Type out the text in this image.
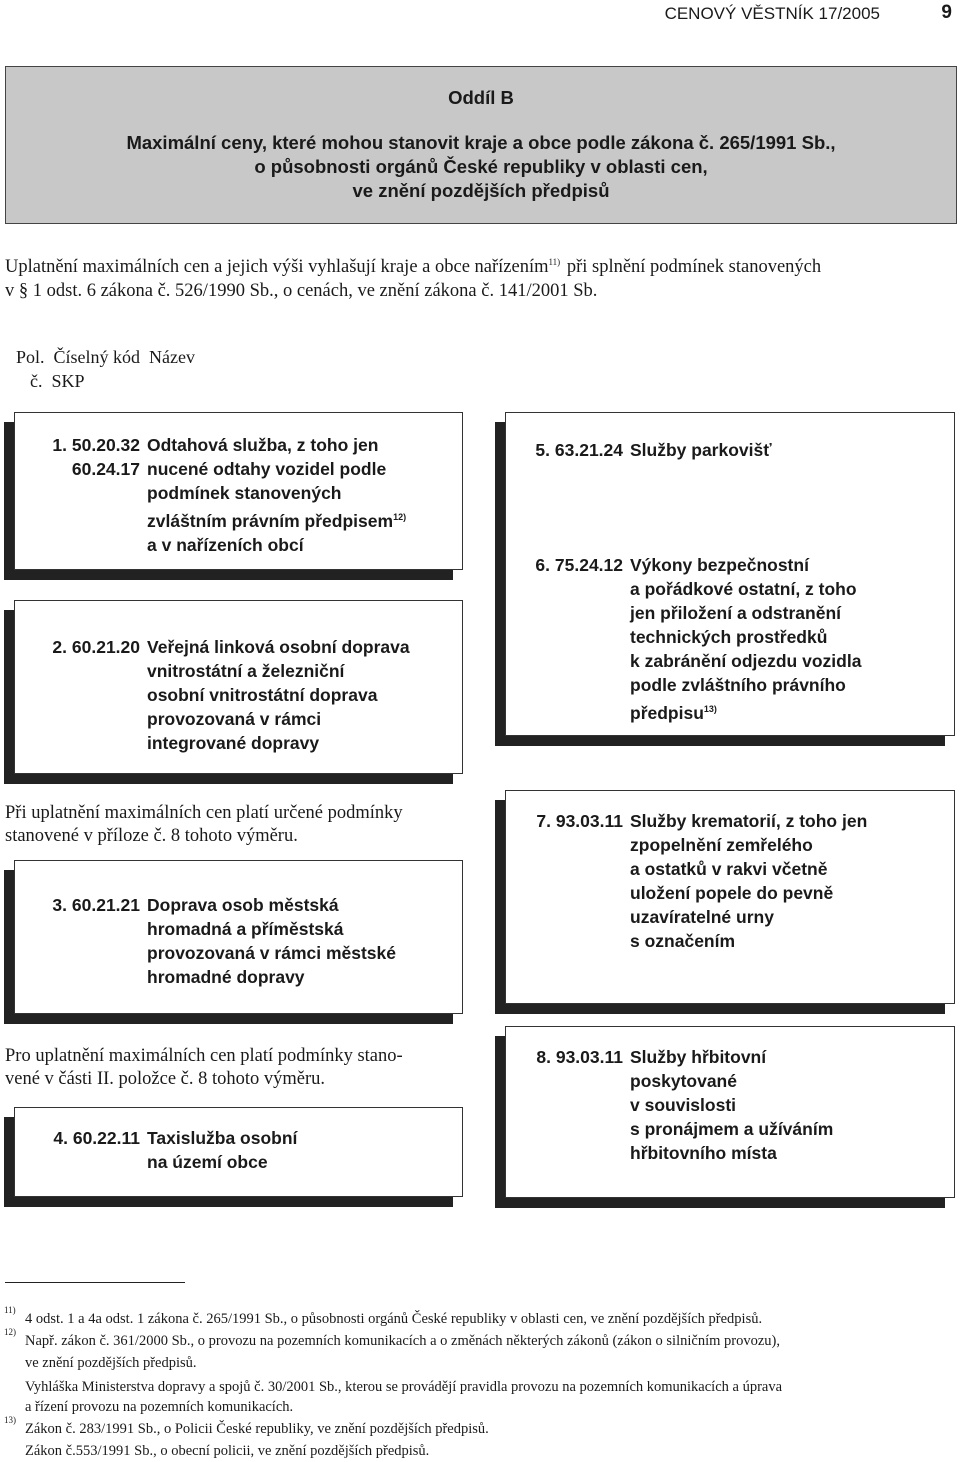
CENOVÝ VĚSTNÍK 17/2005	9
Oddíl B
Maximální ceny, které mohou stanovit kraje a obce podle zákona č. 265/1991 Sb.,
o působnosti orgánů České republiky v oblasti cen,
ve znění pozdějších předpisů
Uplatnění maximálních cen a jejich výši vyhlašují kraje a obce nařízením$^{11)}$ při splnění podmínek stanovených
v § 1 odst. 6 zákona č. 526/1990 Sb., o cenách, ve znění zákona č. 141/2001 Sb.
Pol. Číselný kód Název
č. SKP
1. 50.20.32
60.24.17
Odtahová služba, z toho jen
nucené odtahy vozidel podle
podmínek stanovených
zvláštním právním předpisem$^{12)}$
a v nařízeních obcí
2. 60.21.20 Veřejná linková osobní doprava
vnitrostátní a železniční
osobní vnitrostátní doprava
provozovaná v rámci
integrované dopravy
Při uplatnění maximálních cen platí určené podmínky
stanovené v příloze č. 8 tohoto výměru.
3. 60.21.21 Doprava osob městská
hromadná a příměstská
provozovaná v rámci městské
hromadné dopravy
Pro uplatnění maximálních cen platí podmínky stano-
vené v části II. položce č. 8 tohoto výměru.
4. 60.22.11 Taxislužba osobní
na území obce
5. 63.21.24 Služby parkovišť
6. 75.24.12 Výkony bezpečnostní
a pořádkové ostatní, z toho
jen přiložení a odstranění
technických prostředků
k zabránění odjezdu vozidla
podle zvláštního právního
předpisu$^{13)}$
7. 93.03.11 Služby krematorií, z toho jen
zpopelnění zemřelého
a ostatků v rakvi včetně
uložení popele do pevně
uzavíratelné urny
s označením
8. 93.03.11 Služby hřbitovní
poskytované
v souvislosti
s pronájmem a užíváním
hřbitovního místa
11)
12)
13)
4 odst. 1 a 4a odst. 1 zákona č. 265/1991 Sb., o působnosti orgánů České republiky v oblasti cen, ve znění pozdějších předpisů.
Např. zákon č. 361/2000 Sb., o provozu na pozemních komunikacích a o změnách některých zákonů (zákon o silničním provozu),
ve znění pozdějších předpisů.
Vyhláška Ministerstva dopravy a spojů č. 30/2001 Sb., kterou se provádějí pravidla provozu na pozemních komunikacích a úprava
a řízení provozu na pozemních komunikacích.
Zákon č. 283/1991 Sb., o Policii České republiky, ve znění pozdějších předpisů.
Zákon č.553/1991 Sb., o obecní policii, ve znění pozdějších předpisů.
